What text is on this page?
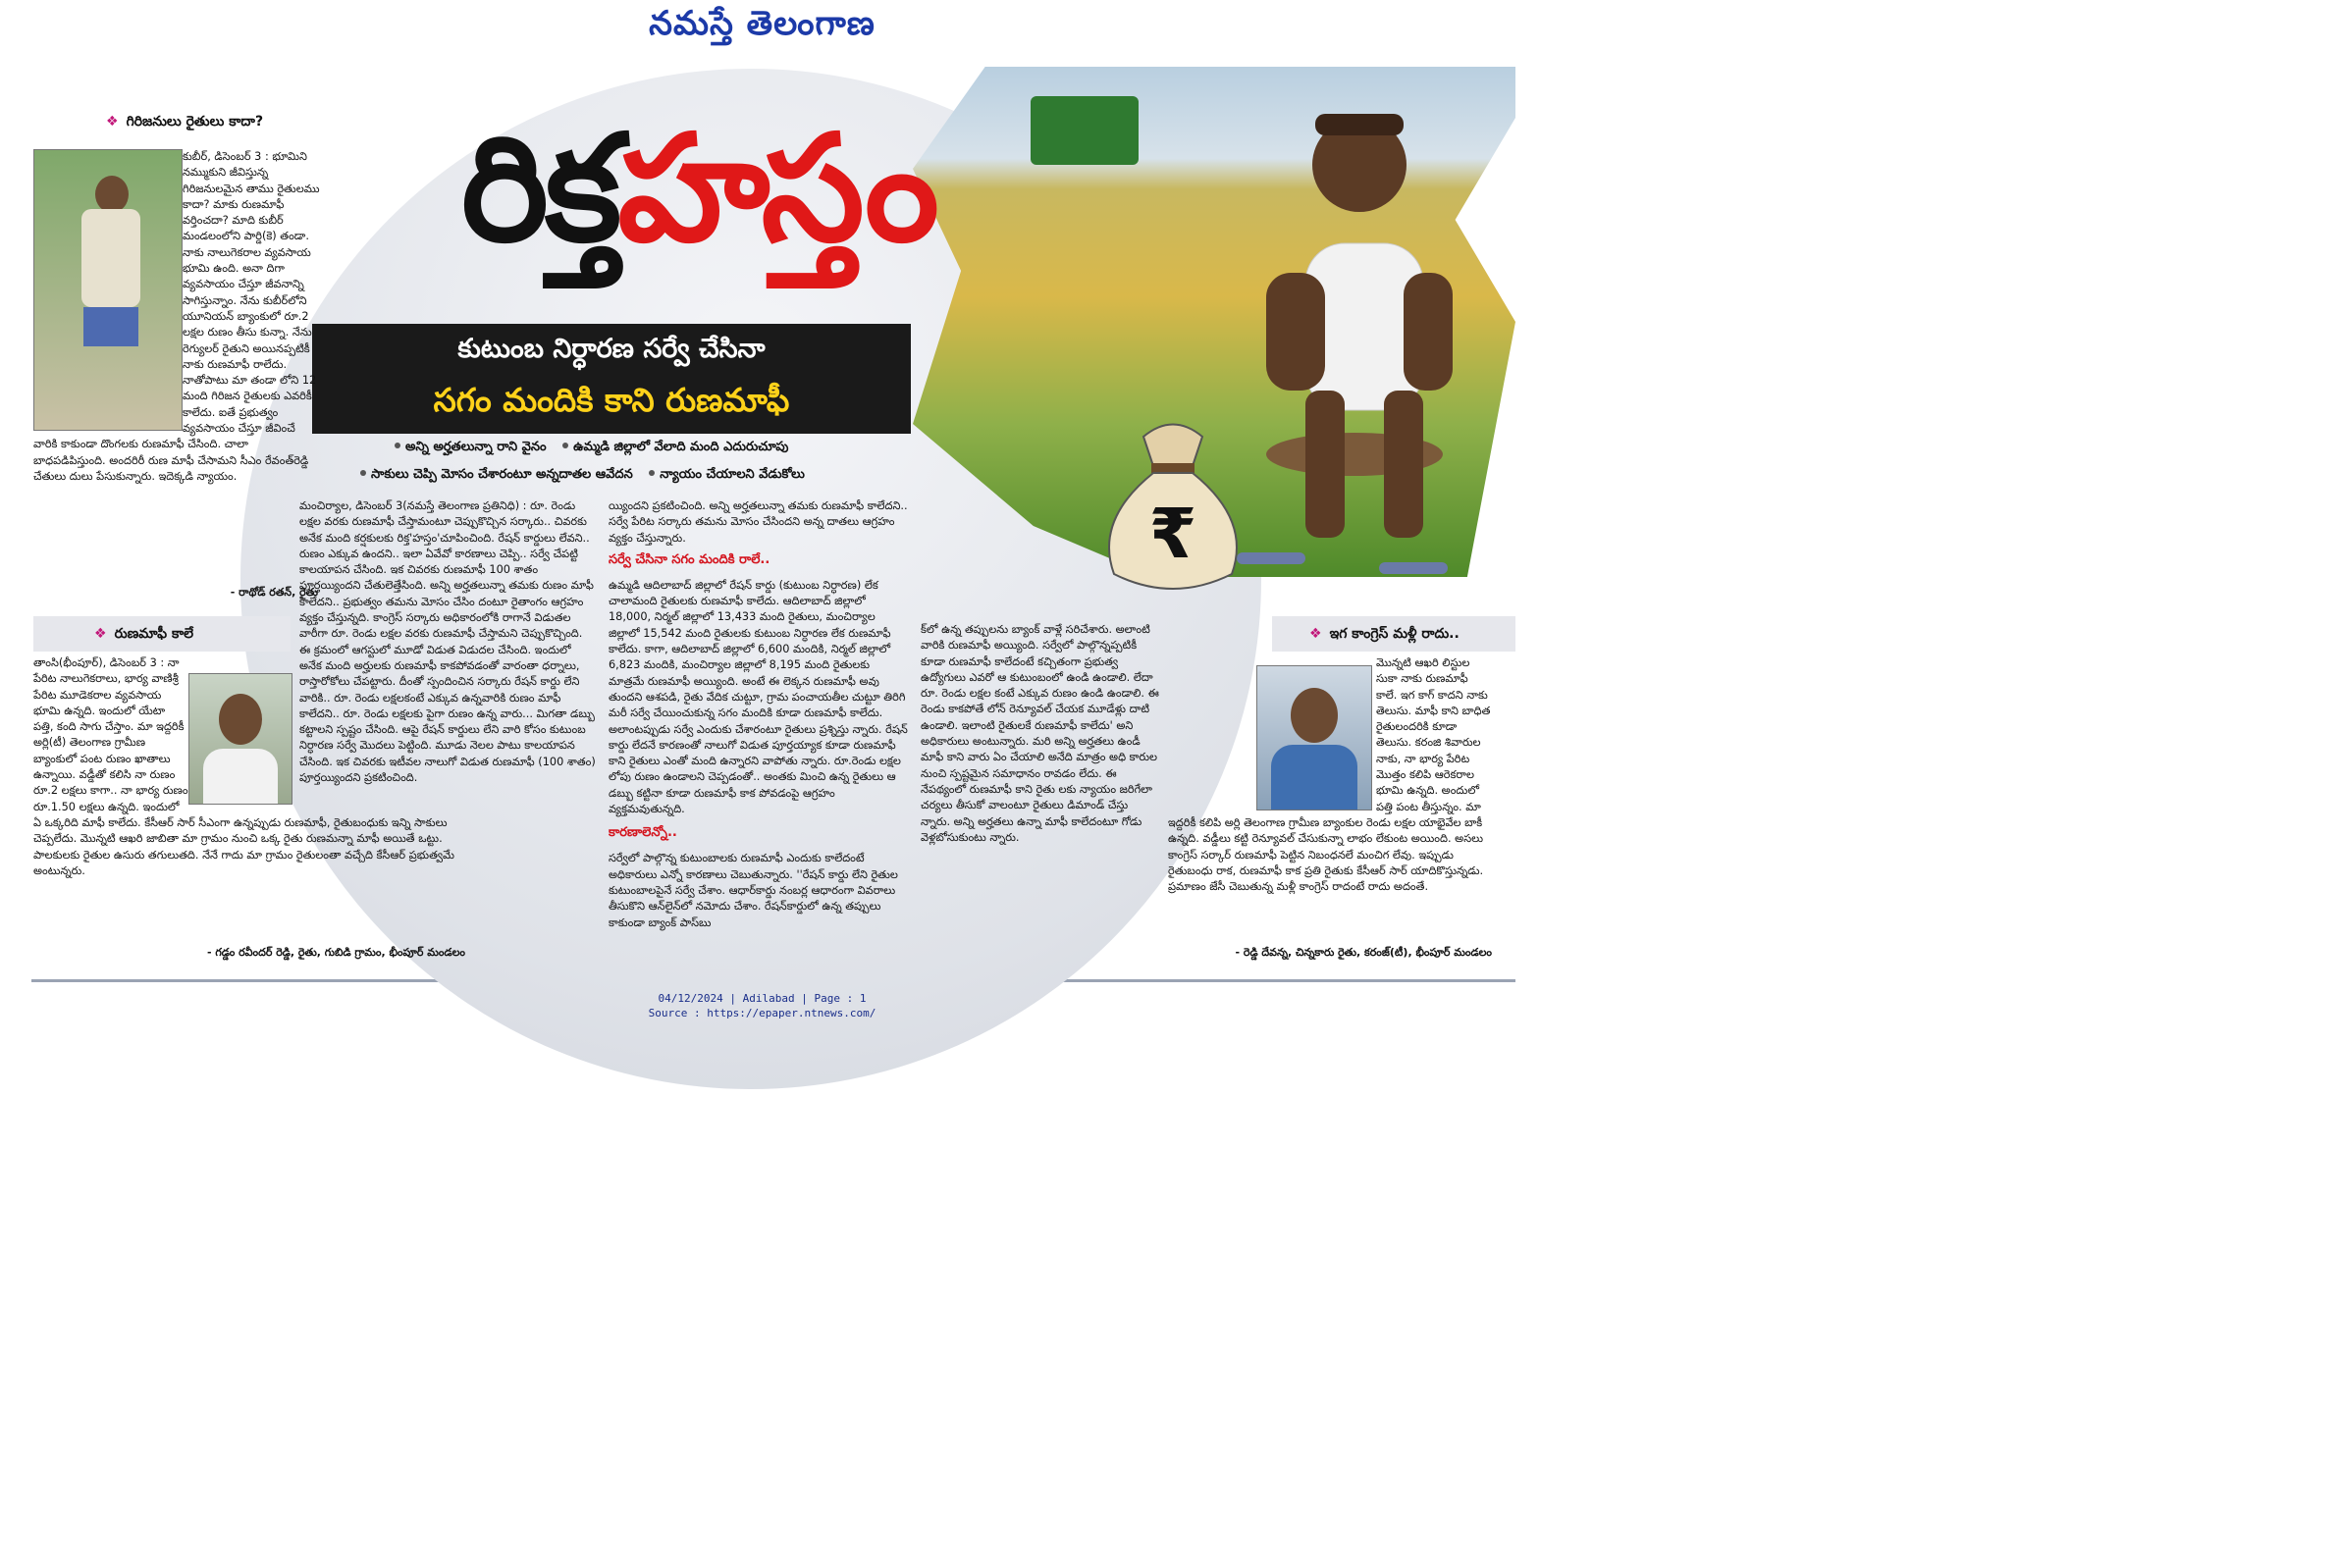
నమస్తే తెలంగాణ
₹
రిక్తహస్తం
కుటుంబ నిర్ధారణ సర్వే చేసినా
సగం మందికి కాని రుణమాఫీ
అన్ని అర్హతలున్నా రాని వైనం ఉమ్మడి జిల్లాలో వేలాది మంది ఎదురుచూపు
సాకులు చెప్పి మోసం చేశారంటూ అన్నదాతల ఆవేదన న్యాయం చేయాలని వేడుకోలు
❖ గిరిజనులు రైతులు కాదా?

కుబీర్, డిసెంబర్ 3 : భూమిని నమ్ముకుని జీవిస్తున్న గిరిజనులమైన తాము రైతులము కాదా? మాకు రుణమాఫీ వర్తించదా? మాది కుబీర్ మండలంలోని పార్డి(కె) తండా. నాకు నాలుగెకరాల వ్యవసాయ భూమి ఉంది. అనా దిగా వ్యవసాయం చేస్తూ జీవనాన్ని సాగిస్తున్నాం. నేను కుబీర్‌లోని యూనియన్ బ్యాంకులో రూ.2 లక్షల రుణం తీసు కున్నా. నేను రెగ్యులర్ రైతుని అయినప్పటికీ నాకు రుణమాఫీ రాలేదు. నాతోపాటు మా తండా లోని 12 మంది గిరిజన రైతులకు ఎవరికీ కాలేదు. ఐతే ప్రభుత్వం వ్యవసాయం చేస్తూ జీవించే వారికి కాకుండా దొంగలకు రుణమాఫీ చేసింది. చాలా బాధపడిపిస్తుంది. అందరిరీ రుణ మాఫీ చేసామని సీఎం రేవంత్‌రెడ్డి చేతులు దులు పేసుకున్నారు. ఇదెక్కడి న్యాయం.

- రాథోడ్ రతన్, రైతు
❖ రుణమాఫీ కాలే

తాంసి(భీంపూర్), డిసెంబర్ 3 : నా పేరిట నాలుగెకరాలు, భార్య వాణిశ్రీ పేరిట మూడెకరాల వ్యవసాయ భూమి ఉన్నది. ఇందులో యేటా పత్తి, కంది సాగు చేస్తాం. మా ఇద్దరికీ అర్లి(టీ) తెలంగాణ గ్రామీణ బ్యాంకులో పంట రుణం ఖాతాలు ఉన్నాయి. వడ్డీతో కలిసి నా రుణం రూ.2 లక్షలు కాగా.. నా భార్య రుణం రూ.1.50 లక్షలు ఉన్నది. ఇందులో ఏ ఒక్కరిది మాఫీ కాలేదు. కేసీఆర్ సార్ సీఎంగా ఉన్నప్పుడు రుణమాఫీ, రైతుబంధుకు ఇన్ని సాకులు చెప్పలేదు. మొన్నటి ఆఖరి జాబితా మా గ్రామం నుంచి ఒక్క రైతు రుణమన్నా మాఫీ అయితే ఒట్టు. పాలకులకు రైతుల ఉసురు తగులుతది. నేనే గాదు మా గ్రామం రైతులంతా వచ్చేది కేసీఆర్ ప్రభుత్వమే అంటున్నరు.

- గడ్డం రవీందర్ రెడ్డి, రైతు, గుబిడి గ్రామం, భీంపూర్ మండలం

మంచిర్యాల, డిసెంబర్ 3(నమస్తే తెలంగాణ ప్రతినిధి) : రూ. రెండు లక్షల వరకు రుణమాఫీ చేస్తామంటూ చెప్పుకొచ్చిన సర్కారు.. చివరకు అనేక మంది కర్షకులకు రిక్త'హస్తం'చూపించింది. రేషన్ కార్డులు లేవని.. రుణం ఎక్కువ ఉందని.. ఇలా ఏవేవో కారణాలు చెప్పి.. సర్వే చేపట్టి కాలయాపన చేసింది. ఇక చివరకు రుణమాఫీ 100 శాతం పూర్తయ్యిందని చేతులెత్తేసింది. అన్ని అర్హతలున్నా తమకు రుణం మాఫీ కాలేదని.. ప్రభుత్వం తమను మోసం చేసిం దంటూ రైతాంగం ఆగ్రహం వ్యక్తం చేస్తున్నది. కాంగ్రెస్ సర్కారు అధికారంలోకి రాగానే విడుతల వారీగా రూ. రెండు లక్షల వరకు రుణమాఫీ చేస్తామని చెప్పుకొచ్చింది. ఈ క్రమంలో ఆగస్టులో మూడో విడుత విడుదల చేసింది. ఇందులో అనేక మంది అర్హులకు రుణమాఫీ కాకపోవడంతో వారంతా ధర్నాలు, రాస్తారోకోలు చేపట్టారు. దీంతో స్పందించిన సర్కారు రేషన్ కార్డు లేని వారికి.. రూ. రెండు లక్షలకంటే ఎక్కువ ఉన్నవారికి రుణం మాఫీ కాలేదని.. రూ. రెండు లక్షలకు పైగా రుణం ఉన్న వారు... మిగతా డబ్బు కట్టాలని స్పష్టం చేసింది. ఆపై రేషన్ కార్డులు లేని వారి కోసం కుటుంబ నిర్ధారణ సర్వే మొదలు పెట్టింది. మూడు నెలల పాటు కాలయాపన చేసింది. ఇక చివరకు ఇటీవల నాలుగో విడుత రుణమాఫీ (100 శాతం) పూర్తయ్యిందని ప్రకటించింది.

య్యిందని ప్రకటించింది. అన్ని అర్హతలున్నా తమకు రుణమాఫీ కాలేదని.. సర్వే పేరిట సర్కారు తమను మోసం చేసిందని అన్న దాతలు ఆగ్రహం వ్యక్తం చేస్తున్నారు.

సర్వే చేసినా సగం మందికి రాలే..

ఉమ్మడి ఆదిలాబాద్ జిల్లాలో రేషన్ కార్డు (కుటుంబ నిర్ధారణ) లేక చాలామంది రైతులకు రుణమాఫీ కాలేదు. ఆదిలాబాద్ జిల్లాలో 18,000, నిర్మల్ జిల్లాలో 13,433 మంది రైతులు, మంచిర్యాల జిల్లాలో 15,542 మంది రైతులకు కుటుంబ నిర్ధారణ లేక రుణమాఫీ కాలేదు. కాగా, ఆదిలాబాద్ జిల్లాలో 6,600 మందికి, నిర్మల్ జిల్లాలో 6,823 మందికి, మంచిర్యాల జిల్లాలో 8,195 మంది రైతులకు మాత్రమే రుణమాఫీ అయ్యింది. అంటే ఈ లెక్కన రుణమాఫీ అవు తుందని ఆశపడి, రైతు వేదిక చుట్టూ, గ్రామ పంచాయతీల చుట్టూ తిరిగి మరీ సర్వే చేయించుకున్న సగం మందికి కూడా రుణమాఫీ కాలేదు. అలాంటప్పుడు సర్వే ఎందుకు చేశారంటూ రైతులు ప్రశ్నిస్తు న్నారు. రేషన్ కార్డు లేదనే కారణంతో నాలుగో విడుత పూర్తయ్యాక కూడా రుణమాఫీ కాని రైతులు ఎంతో మంది ఉన్నారని వాపోతు న్నారు. రూ.రెండు లక్షల లోపు రుణం ఉండాలని చెప్పడంతో.. అంతకు మించి ఉన్న రైతులు ఆ డబ్బు కట్టినా కూడా రుణమాఫీ కాక పోవడంపై ఆగ్రహం వ్యక్తమవుతున్నది.

కారణాలెన్నో..

సర్వేలో పాల్గొన్న కుటుంబాలకు రుణమాఫీ ఎందుకు కాలేదంటే అధికారులు ఎన్నో కారణాలు చెబుతున్నారు. ''రేషన్ కార్డు లేని రైతుల కుటుంబాలపైనే సర్వే చేశాం. ఆధార్‌కార్డు నంబర్ల ఆధారంగా వివరాలు తీసుకొని ఆన్‌లైన్‌లో నమోదు చేశాం. రేషన్‌కార్డులో ఉన్న తప్పులు కాకుండా బ్యాంక్ పాస్‌బు

క్‌లో ఉన్న తప్పులను బ్యాంక్ వాళ్లే సరిచేశారు. అలాంటి వారికి రుణమాఫీ అయ్యింది. సర్వేలో పాల్గొన్నప్పటికీ కూడా రుణమాఫీ కాలేదంటే కచ్చితంగా ప్రభుత్వ ఉద్యోగులు ఎవరో ఆ కుటుంబంలో ఉండి ఉండాలి. లేదా రూ. రెండు లక్షల కంటే ఎక్కువ రుణం ఉండి ఉండాలి. ఈ రెండు కాకపోతే లోన్ రెన్యూవల్ చేయక మూడేళ్లు దాటి ఉండాలి. ఇలాంటి రైతులకే రుణమాఫీ కాలేదు' అని అధికారులు అంటున్నారు. మరి అన్ని అర్హతలు ఉండీ మాఫీ కాని వారు ఏం చేయాలి అనేది మాత్రం అధి కారుల నుంచి స్పష్టమైన సమాధానం రావడం లేదు. ఈ నేపథ్యంలో రుణమాఫీ కాని రైతు లకు న్యాయం జరిగేలా చర్యలు తీసుకో వాలంటూ రైతులు డిమాండ్ చేస్తు న్నారు. అన్ని అర్హతలు ఉన్నా మాఫీ కాలేదంటూ గోడు వెళ్లబోసుకుంటు న్నారు.

❖ ఇగ కాంగ్రెస్ మళ్లీ రాదు..

మొన్నటి ఆఖరి లిస్టుల సుకా నాకు రుణమాఫీ కాలే. ఇగ కాగ్ కాదని నాకు తెలుసు. మాఫీ కాని బాధిత రైతులందరికి కూడా తెలుసు. కరంజి శివారుల నాకు, నా భార్య పేరిట మొత్తం కలిపి ఆరెకరాల భూమి ఉన్నది. అందులో పత్తి పంట తీస్తున్నం. మా ఇద్దరికీ కలిపి అర్లి తెలంగాణ గ్రామీణ బ్యాంకుల రెండు లక్షల యాభైవేల బాకీ ఉన్నది. వడ్డీలు కట్టి రెన్యూవల్ చేసుకున్నా లాభం లేకుంట అయింది. అసలు కాంగ్రెస్ సర్కార్ రుణమాఫీ పెట్టిన నిబంధనలే మంచిగ లేవు. ఇప్పుడు రైతుబంధు రాక, రుణమాఫీ కాక ప్రతి రైతుకు కేసీఆర్ సార్ యాదికొస్తున్నడు. ప్రమాణం జేసీ చెబుతున్న మళ్లీ కాంగ్రెస్ రాదంటే రాదు అదంతే.

- రెడ్డి దేవన్న, చిన్నకారు రైతు, కరంజ్(టీ), భీంపూర్ మండలం
04/12/2024 | Adilabad | Page : 1
Source : https://epaper.ntnews.com/
